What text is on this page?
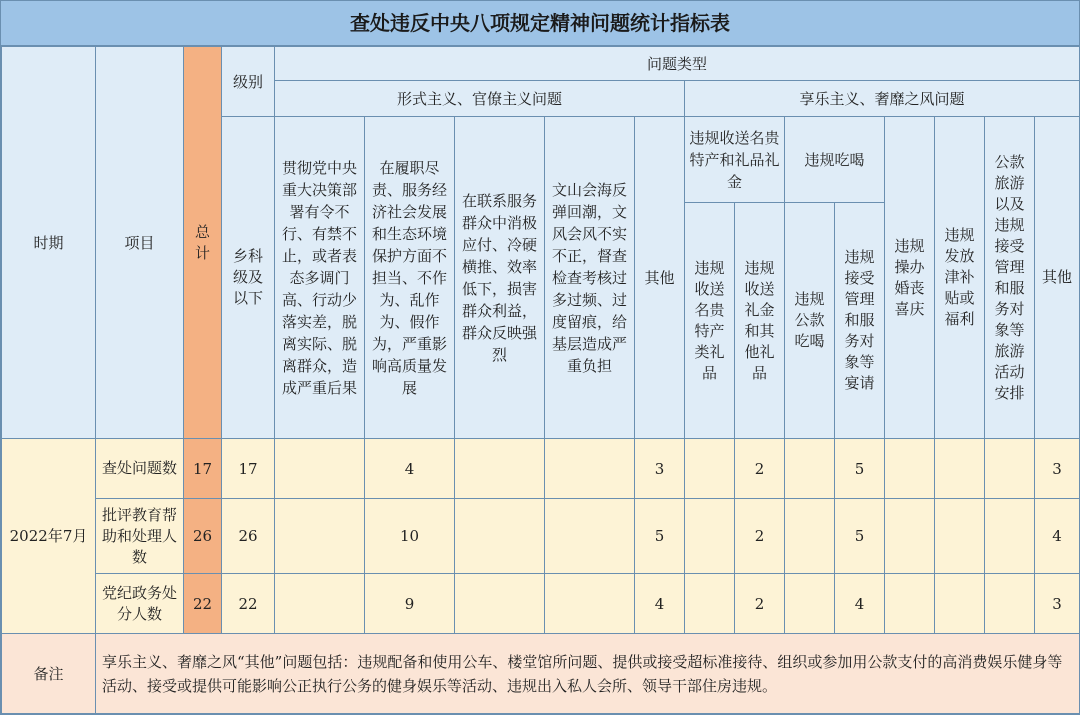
查处违反中央八项规定精神问题统计指标表
时期	项目	总计	级别	问题类型												
				形式主义、官僚主义问题					享乐主义、奢靡之风问题							
			乡科级及以下	贯彻党中央重大决策部署有令不行、有禁不止，或者表态多调门高、行动少落实差，脱离实际、脱离群众，造成严重后果	在履职尽责、服务经济社会发展和生态环境保护方面不担当、不作为、乱作为、假作为，严重影响高质量发展	在联系服务群众中消极应付、冷硬横推、效率低下，损害群众利益，群众反映强烈	文山会海反弹回潮，文风会风不实不正，督查检查考核过多过频、过度留痕，给基层造成严重负担	其他	违规收送名贵特产和礼品礼金		违规吃喝		违规操办婚丧喜庆	违规发放津补贴或福利	公款旅游以及违规接受管理和服务对象等旅游活动安排	其他
									违规收送名贵特产类礼品	违规收送礼金和其他礼品	违规公款吃喝	违规接受管理和服务对象等宴请				
2022年7月	查处问题数	17	17		4			3		2		5				3
	批评教育帮助和处理人数	26	26		10			5		2		5				4
	党纪政务处分人数	22	22		9			4		2		4				3
备注	享乐主义、奢靡之风“其他”问题包括：违规配备和使用公车、楼堂馆所问题、提供或接受超标准接待、组织或参加用公款支付的高消费娱乐健身等活动、接受或提供可能影响公正执行公务的健身娱乐等活动、违规出入私人会所、领导干部住房违规。															
